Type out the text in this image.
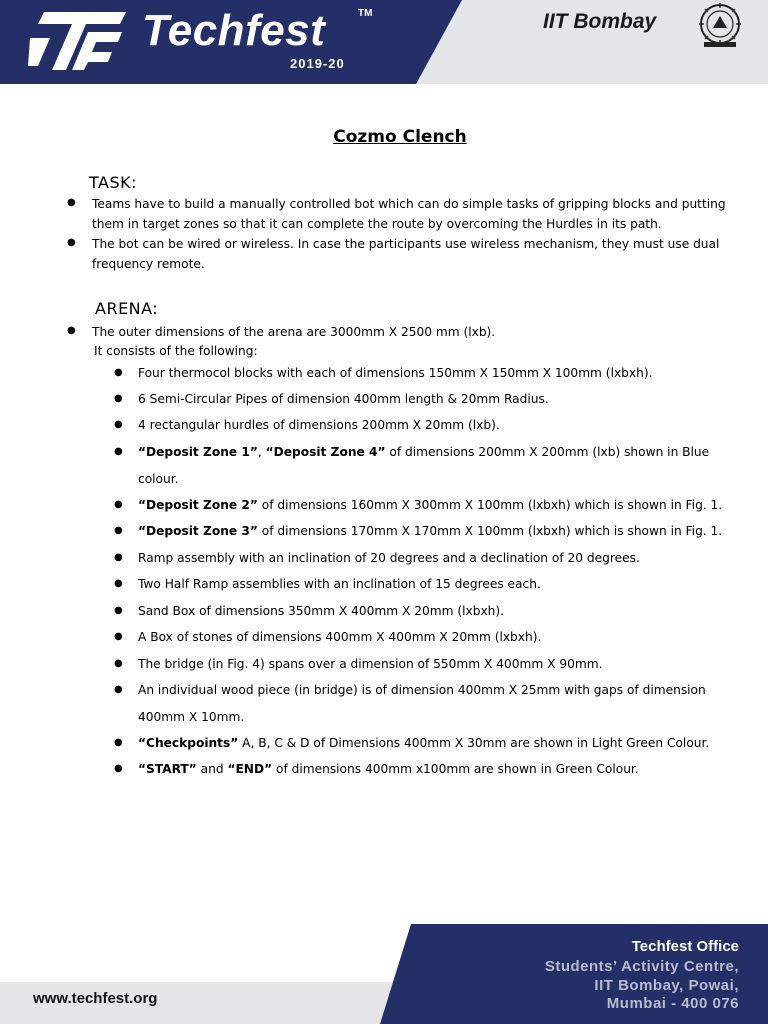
Techfest	TM
2019-20
IIT Bombay
Cozmo Clench
TASK:
● Teams have to build a manually controlled bot which can do simple tasks of gripping blocks and putting
them in target zones so that it can complete the route by overcoming the Hurdles in its path.
● The bot can be wired or wireless. In case the participants use wireless mechanism, they must use dual
frequency remote.
ARENA:
● The outer dimensions of the arena are 3000mm X 2500 mm (lxb).
It consists of the following:
● Four thermocol blocks with each of dimensions 150mm X 150mm X 100mm (lxbxh).
● 6 Semi-Circular Pipes of dimension 400mm length & 20mm Radius.
● 4 rectangular hurdles of dimensions 200mm X 20mm (lxb).
● “Deposit Zone 1”, “Deposit Zone 4” of dimensions 200mm X 200mm (lxb) shown in Blue
colour.
● “Deposit Zone 2” of dimensions 160mm X 300mm X 100mm (lxbxh) which is shown in Fig. 1.
● “Deposit Zone 3” of dimensions 170mm X 170mm X 100mm (lxbxh) which is shown in Fig. 1.
● Ramp assembly with an inclination of 20 degrees and a declination of 20 degrees.
● Two Half Ramp assemblies with an inclination of 15 degrees each.
● Sand Box of dimensions 350mm X 400mm X 20mm (lxbxh).
● A Box of stones of dimensions 400mm X 400mm X 20mm (lxbxh).
● The bridge (in Fig. 4) spans over a dimension of 550mm X 400mm X 90mm.
● An individual wood piece (in bridge) is of dimension 400mm X 25mm with gaps of dimension
400mm X 10mm.
● “Checkpoints” A, B, C & D of Dimensions 400mm X 30mm are shown in Light Green Colour.
● “START” and “END” of dimensions 400mm x100mm are shown in Green Colour.
www.techfest.org
Techfest Office
Students’ Activity Centre,
IIT Bombay, Powai,
Mumbai - 400 076
